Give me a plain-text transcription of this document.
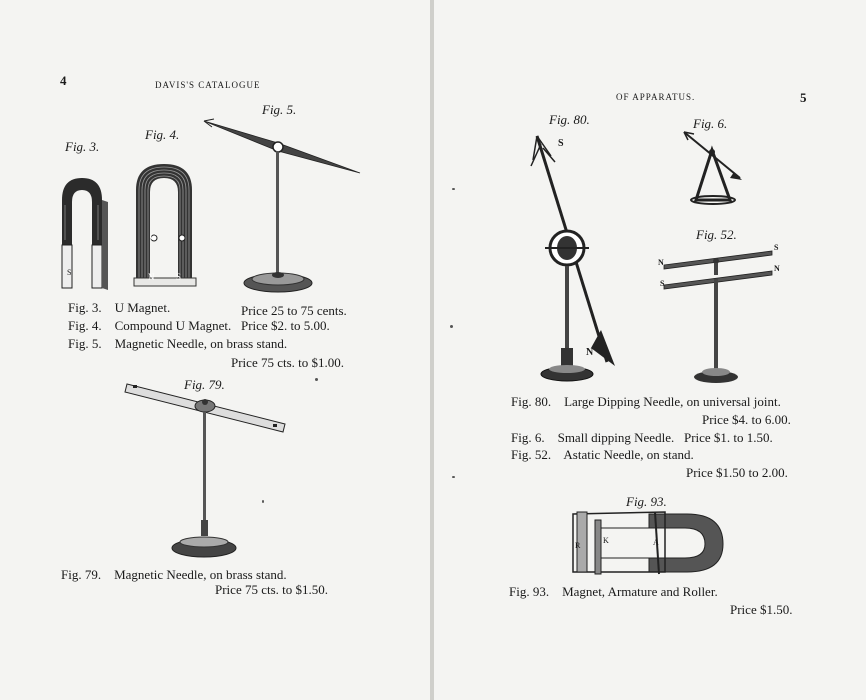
4	DAVIS'S CATALOGUE
Fig. 3.
Fig. 4.
Fig. 5.
Fig. 79.
S
C
N S
Fig. 3. U Magnet.	Price 25 to 75 cents.
Fig. 4. Compound U Magnet. Price $2. to 5.00.
Fig. 5. Magnetic Needle, on brass stand.
Price 75 cts. to $1.00.
Fig. 79. Magnetic Needle, on brass stand.
Price 75 cts. to $1.50.
OF APPARATUS.	5
Fig. 80.	Fig. 6.
Fig. 52.
Fig. 93.
S
N
N
S
S
N
Fig. 80. Large Dipping Needle, on universal joint.
Price $4. to 6.00.
Fig. 6. Small dipping Needle. Price $1. to 1.50.
Fig. 52. Astatic Needle, on stand.
Price $1.50 to 2.00.
R
K	A
Fig. 93. Magnet, Armature and Roller.
Price $1.50.
